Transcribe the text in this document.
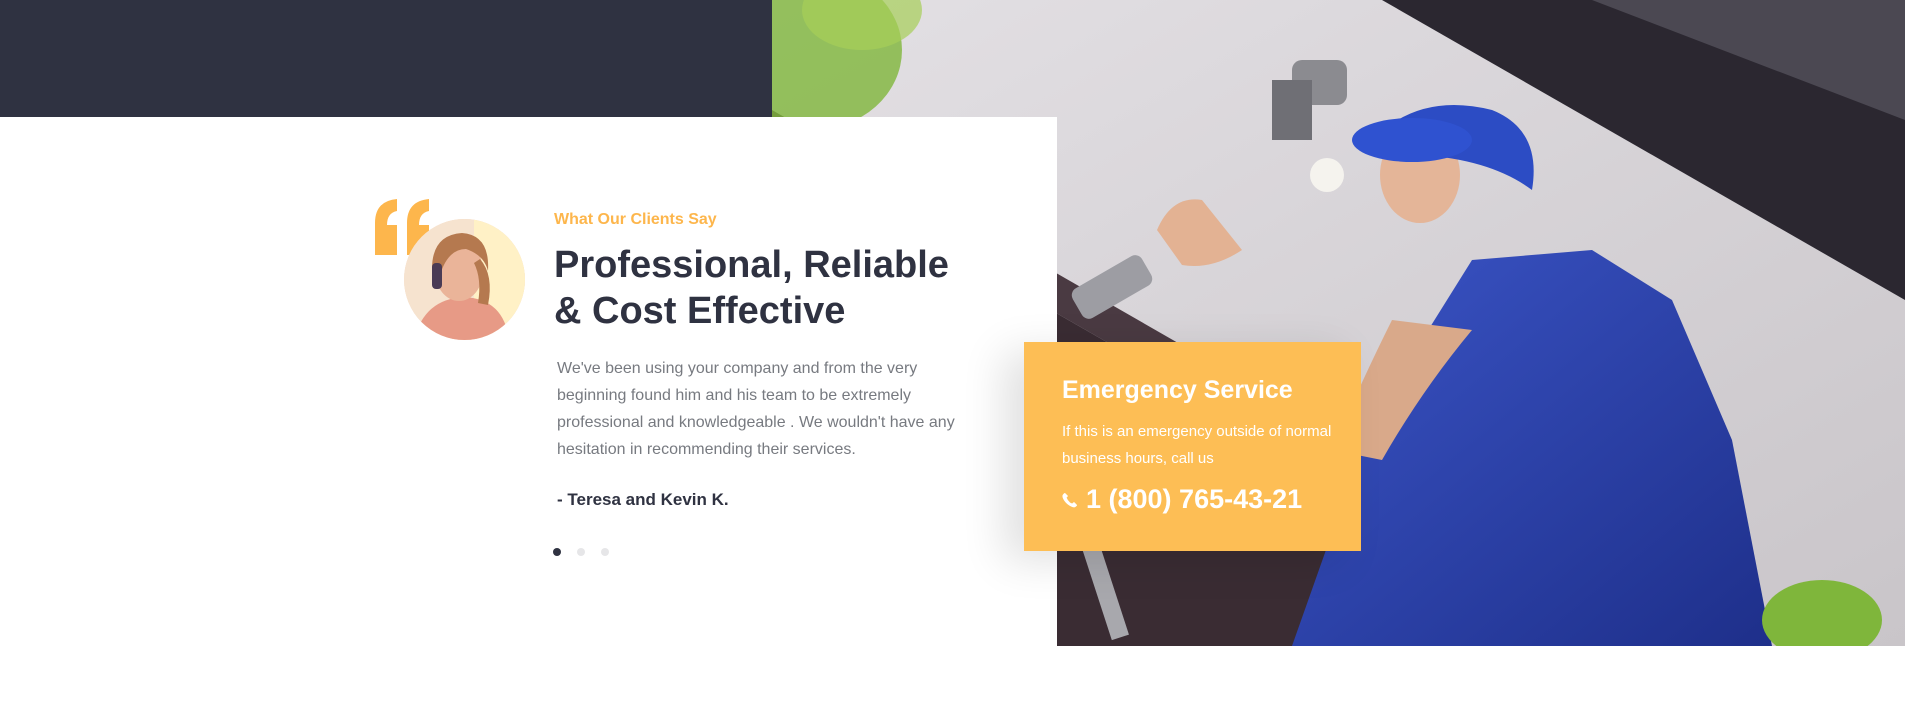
What Our Clients Say
Professional, Reliable
& Cost Effective

We've been using your company and from the very beginning found him and his team to be extremely professional and knowledgeable . We wouldn't have any hesitation in recommending their services.

- Teresa and Kevin K.
Emergency Service

If this is an emergency outside of normal business hours, call us

1 (800) 765-43-21
